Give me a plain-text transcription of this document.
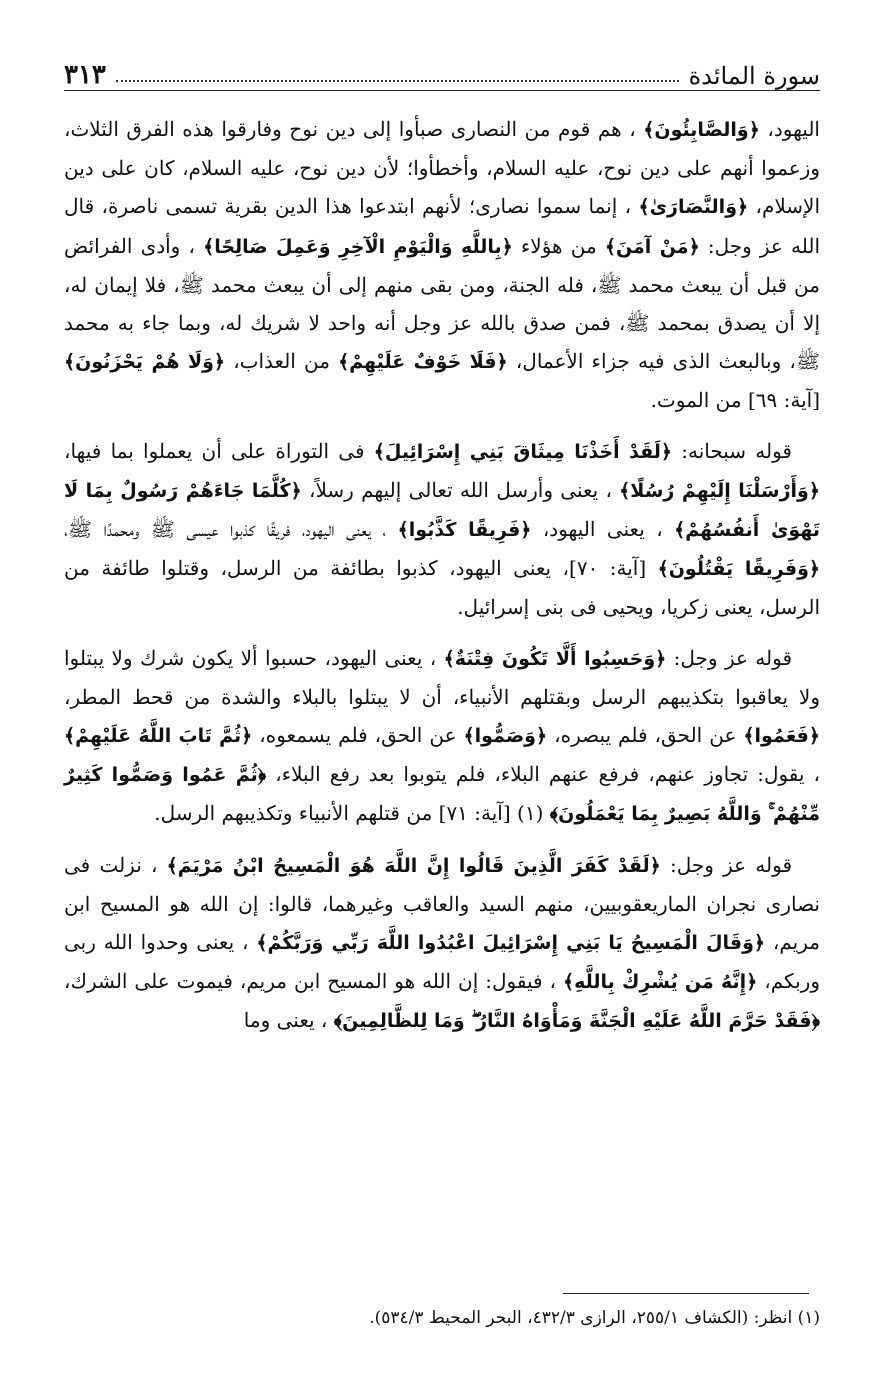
سورة المائدة
٣١٣

اليهود، ﴿وَالصَّابِئُونَ﴾ ، هم قوم من النصارى صبأوا إلى دين نوح وفارقوا هذه الفرق الثلاث، وزعموا أنهم على دين نوح، عليه السلام، وأخطأوا؛ لأن دين نوح، عليه السلام، كان على دين الإسلام، ﴿وَالنَّصَارَىٰ﴾ ، إنما سموا نصارى؛ لأنهم ابتدعوا هذا الدين بقرية تسمى ناصرة، قال الله عز وجل: ﴿مَنْ آمَنَ﴾ من هؤلاء ﴿بِاللَّهِ وَالْيَوْمِ الْآخِرِ وَعَمِلَ صَالِحًا﴾ ، وأدى الفرائض من قبل أن يبعث محمد ﷺ، فله الجنة، ومن بقى منهم إلى أن يبعث محمد ﷺ، فلا إيمان له، إلا أن يصدق بمحمد ﷺ، فمن صدق بالله عز وجل أنه واحد لا شريك له، وبما جاء به محمد ﷺ، وبالبعث الذى فيه جزاء الأعمال، ﴿فَلَا خَوْفٌ عَلَيْهِمْ﴾ من العذاب، ﴿وَلَا هُمْ يَحْزَنُونَ﴾ [آية: ٦٩] من الموت.

قوله سبحانه: ﴿لَقَدْ أَخَذْنَا مِيثَاقَ بَنِي إِسْرَائِيلَ﴾ فى التوراة على أن يعملوا بما فيها، ﴿وَأَرْسَلْنَا إِلَيْهِمْ رُسُلًا﴾ ، يعنى وأرسل الله تعالى إليهم رسلاً، ﴿كُلَّمَا جَاءَهُمْ رَسُولٌ بِمَا لَا تَهْوَىٰ أَنفُسُهُمْ﴾ ، يعنى اليهود، ﴿فَرِيقًا كَذَّبُوا﴾ ، يعنى اليهود، فريقًا كذبوا عيسى ﷺ ومحمدًا ﷺ، ﴿وَفَرِيقًا يَقْتُلُونَ﴾ [آية: ٧٠]، يعنى اليهود، كذبوا بطائفة من الرسل، وقتلوا طائفة من الرسل، يعنى زكريا، ويحيى فى بنى إسرائيل.

قوله عز وجل: ﴿وَحَسِبُوا أَلَّا تَكُونَ فِتْنَةٌ﴾ ، يعنى اليهود، حسبوا ألا يكون شرك ولا يبتلوا ولا يعاقبوا بتكذيبهم الرسل وبقتلهم الأنبياء، أن لا يبتلوا بالبلاء والشدة من قحط المطر، ﴿فَعَمُوا﴾ عن الحق، فلم يبصره، ﴿وَصَمُّوا﴾ عن الحق، فلم يسمعوه، ﴿ثُمَّ تَابَ اللَّهُ عَلَيْهِمْ﴾ ، يقول: تجاوز عنهم، فرفع عنهم البلاء، فلم يتوبوا بعد رفع البلاء، ﴿ثُمَّ عَمُوا وَصَمُّوا كَثِيرٌ مِّنْهُمْ ۚ وَاللَّهُ بَصِيرٌ بِمَا يَعْمَلُونَ﴾ (١) [آية: ٧١] من قتلهم الأنبياء وتكذيبهم الرسل.

قوله عز وجل: ﴿لَقَدْ كَفَرَ الَّذِينَ قَالُوا إِنَّ اللَّهَ هُوَ الْمَسِيحُ ابْنُ مَرْيَمَ﴾ ، نزلت فى نصارى نجران الماريعقوبيين، منهم السيد والعاقب وغيرهما، قالوا: إن الله هو المسيح ابن مريم، ﴿وَقَالَ الْمَسِيحُ يَا بَنِي إِسْرَائِيلَ اعْبُدُوا اللَّهَ رَبِّي وَرَبَّكُمْ﴾ ، يعنى وحدوا الله ربى وربكم، ﴿إِنَّهُ مَن يُشْرِكْ بِاللَّهِ﴾ ، فيقول: إن الله هو المسيح ابن مريم، فيموت على الشرك، ﴿فَقَدْ حَرَّمَ اللَّهُ عَلَيْهِ الْجَنَّةَ وَمَأْوَاهُ النَّارُ ۖ وَمَا لِلظَّالِمِينَ﴾ ، يعنى وما

(١) انظر: (الكشاف ٢٥٥/١، الرازى ٤٣٢/٣، البحر المحيط ٥٣٤/٣).
